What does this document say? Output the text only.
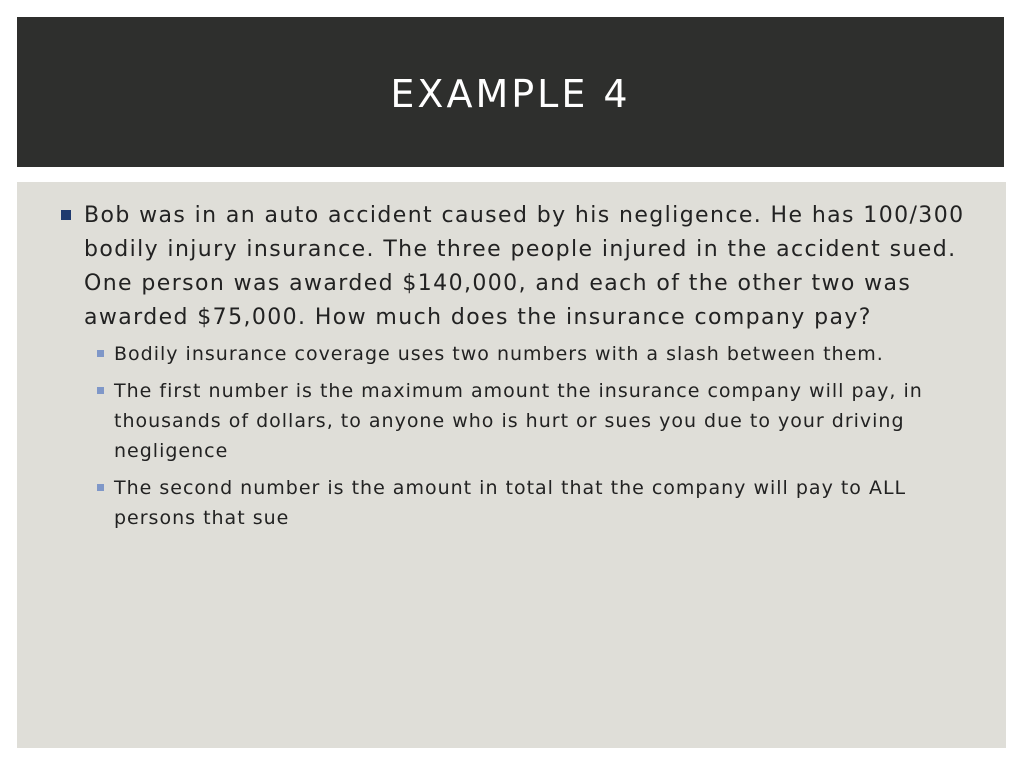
EXAMPLE 4
Bob was in an auto accident caused by his negligence. He has 100/300 bodily injury insurance. The three people injured in the accident sued. One person was awarded $140,000, and each of the other two was awarded $75,000. How much does the insurance company pay?
Bodily insurance coverage uses two numbers with a slash between them.
The first number is the maximum amount the insurance company will pay, in thousands of dollars, to anyone who is hurt or sues you due to your driving negligence
The second number is the amount in total that the company will pay to ALL persons that sue
